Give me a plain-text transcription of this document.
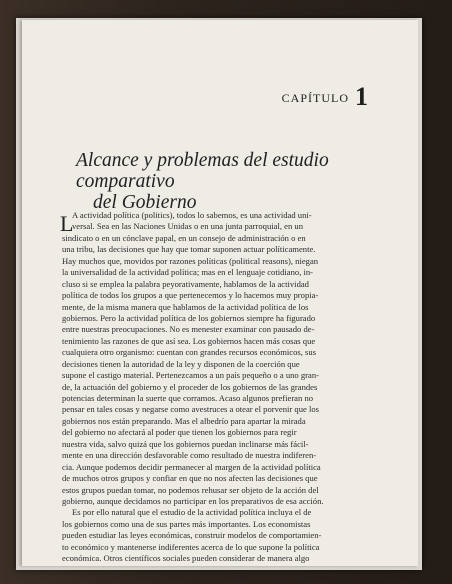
CAPÍTULO 1
Alcance y problemas del estudio comparativo
del Gobierno
L
A actividad política (politics), todos lo sabemos, es una actividad uni-
versal. Sea en las Naciones Unidas o en una junta parroquial, en un
sindicato o en un cónclave papal, en un consejo de administración o en
una tribu, las decisiones que hay que tomar suponen actuar políticamente.
Hay muchos que, movidos por razones políticas (political reasons), niegan
la universalidad de la actividad política; mas en el lenguaje cotidiano, in-
cluso si se emplea la palabra peyorativamente, hablamos de la actividad
política de todos los grupos a que pertenecemos y lo hacemos muy propia-
mente, de la misma manera que hablamos de la actividad política de los
gobiernos. Pero la actividad política de los gobiernos siempre ha figurado
entre nuestras preocupaciones. No es menester examinar con pausado de-
tenimiento las razones de que así sea. Los gobiernos hacen más cosas que
cualquiera otro organismo: cuentan con grandes recursos económicos, sus
decisiones tienen la autoridad de la ley y disponen de la coerción que
supone el castigo material. Pertenezcamos a un país pequeño o a uno gran-
de, la actuación del gobierno y el proceder de los gobiernos de las grandes
potencias determinan la suerte que corramos. Acaso algunos prefieran no
pensar en tales cosas y negarse como avestruces a otear el porvenir que los
gobiernos nos están preparando. Mas el albedrío para apartar la mirada
del gobierno no afectará al poder que tienen los gobiernos para regir
nuestra vida, salvo quizá que los gobiernos puedan inclinarse más fácil-
mente en una dirección desfavorable como resultado de nuestra indiferen-
cia. Aunque podemos decidir permanecer al margen de la actividad política
de muchos otros grupos y confiar en que no nos afecten las decisiones que
estos grupos puedan tomar, no podemos rehusar ser objeto de la acción del
gobierno, aunque decidamos no participar en los preparativos de esa acción.
Es por ello natural que el estudio de la actividad política incluya el de
los gobiernos como una de sus partes más importantes. Los economistas
pueden estudiar las leyes económicas, construir modelos de comportamien-
to económico y mantenerse indiferentes acerca de lo que supone la política
económica. Otros científicos sociales pueden considerar de manera algo
